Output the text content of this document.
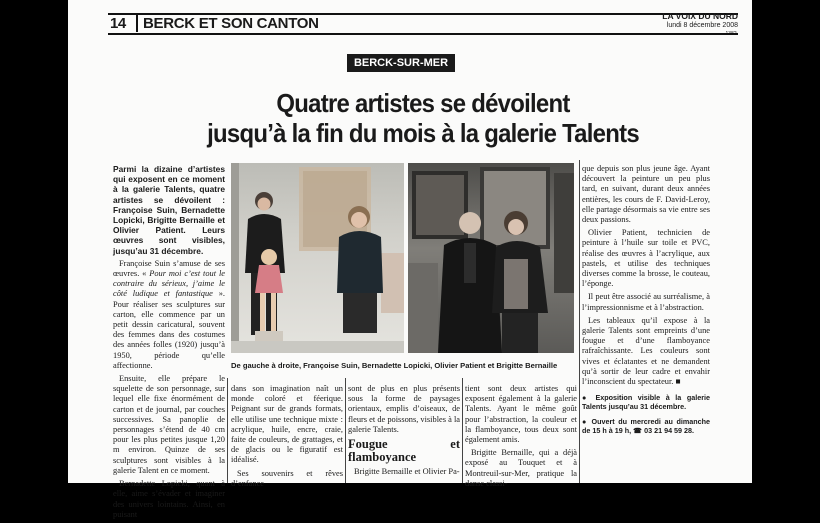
14 BERCK ET SON CANTON	LA VOIX DU NORD
lundi 8 décembre 2008
BERCK-SUR-MER
Quatre artistes se dévoilent
jusqu’à la fin du mois à la galerie Talents

Parmi la dizaine d’artistes qui exposent en ce moment à la galerie Talents, quatre artistes se dévoilent : Françoise Suin, Bernadette Lopicki, Brigitte Bernaille et Olivier Patient. Leurs œuvres sont visibles, jusqu’au 31 décembre.

Françoise Suin s’amuse de ses œuvres. « Pour moi c’est tout le contraire du sérieux, j’aime le côté ludique et fantastique ». Pour réaliser ses sculptures sur carton, elle commence par un petit dessin caricatural, souvent des femmes dans des costumes des années folles (1920) jusqu’à 1950, période qu’elle affectionne.

Ensuite, elle prépare le squelette de son personnage, sur lequel elle fixe énormément de carton et de journal, par couches successives. Sa panoplie de personnages s’étend de 40 cm pour les plus petites jusque 1,20 m environ. Quinze de ses sculptures sont visibles à la galerie Talent en ce moment.

Bernadette Lopicki, quant à elle, aime s’évader et imaginer des univers lointains. Ainsi, en puisant

De gauche à droite, Françoise Suin, Bernadette Lopicki, Olivier Patient et Brigitte Bernaille

dans son imagination naît un monde coloré et féerique. Peignant sur de grands formats, elle utilise une technique mixte : acrylique, huile, encre, craie, faite de couleurs, de grattages, et de glacis ou le figuratif est idéalisé.

Ses souvenirs et rêves d’enfance

sont de plus en plus présents sous la forme de paysages orientaux, emplis d’oiseaux, de fleurs et de poissons, visibles à la galerie Talents.

Fougue et flamboyance

Brigitte Bernaille et Olivier Pa-

tient sont deux artistes qui exposent également à la galerie Talents. Ayant le même goût pour l’abstraction, la couleur et la flamboyance, tous deux sont également amis.

Brigitte Bernaille, qui a déjà exposé au Touquet et à Montreuil-sur-Mer, pratique la danse classi-

que depuis son plus jeune âge. Ayant découvert la peinture un peu plus tard, en suivant, durant deux années entières, les cours de F. David-Leroy, elle partage désormais sa vie entre ses deux passions.

Olivier Patient, technicien de peinture à l’huile sur toile et PVC, réalise des œuvres à l’acrylique, aux pastels, et utilise des techniques diverses comme la brosse, le couteau, l’éponge.

Il peut être associé au surréalisme, à l’impressionnisme et à l’abstraction.

Les tableaux qu’il expose à la galerie Talents sont empreints d’une fougue et d’une flamboyance rafraîchissante. Les couleurs sont vives et éclatantes et ne demandent qu’à sortir de leur cadre et envahir l’inconscient du spectateur. ■

● Exposition visible à la galerie Talents jusqu’au 31 décembre.

● Ouvert du mercredi au dimanche de 15 h à 19 h, ☎ 03 21 94 59 28.
